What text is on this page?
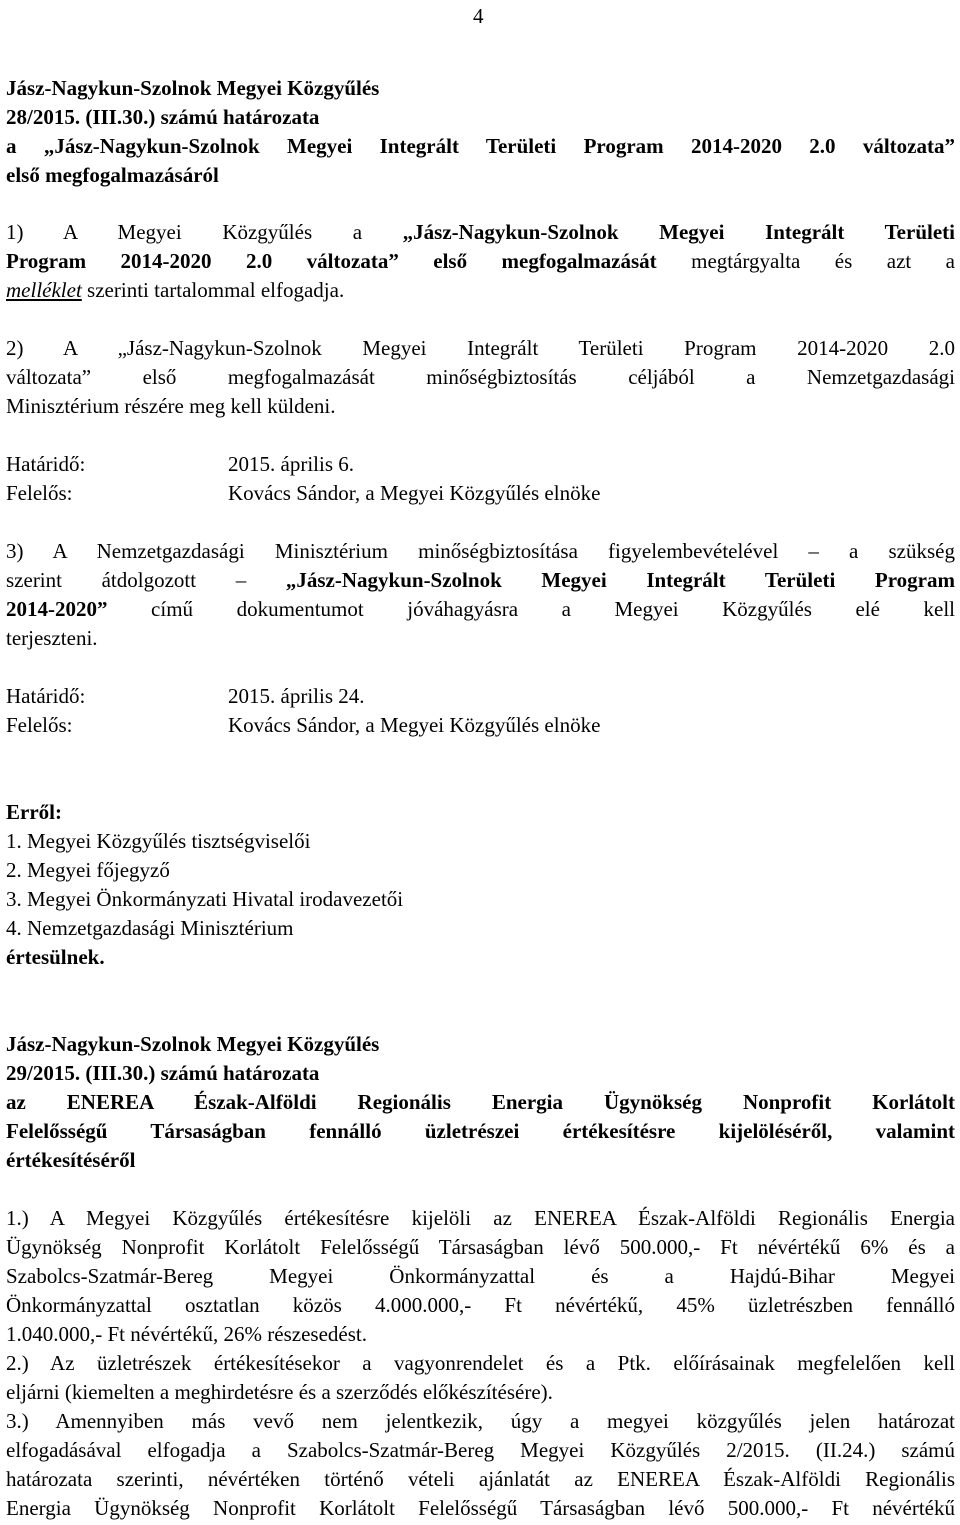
4
Jász-Nagykun-Szolnok Megyei Közgyűlés
28/2015. (III.30.) számú határozata
a „Jász-Nagykun-Szolnok Megyei Integrált Területi Program 2014-2020 2.0 változata”
első megfogalmazásáról
1) A Megyei Közgyűlés a „Jász-Nagykun-Szolnok Megyei Integrált Területi
Program 2014-2020 2.0 változata” első megfogalmazását megtárgyalta és azt a
melléklet szerinti tartalommal elfogadja.
2) A „Jász-Nagykun-Szolnok Megyei Integrált Területi Program 2014-2020 2.0
változata” első megfogalmazását minőségbiztosítás céljából a Nemzetgazdasági
Minisztérium részére meg kell küldeni.
Határidő:	2015. április 6.
Felelős:	Kovács Sándor, a Megyei Közgyűlés elnöke
3) A Nemzetgazdasági Minisztérium minőségbiztosítása figyelembevételével – a szükség
szerint átdolgozott – „Jász-Nagykun-Szolnok Megyei Integrált Területi Program
2014-2020” című dokumentumot jóváhagyásra a Megyei Közgyűlés elé kell
terjeszteni.
Határidő:	2015. április 24.
Felelős:	Kovács Sándor, a Megyei Közgyűlés elnöke
Erről:
1. Megyei Közgyűlés tisztségviselői
2. Megyei főjegyző
3. Megyei Önkormányzati Hivatal irodavezetői
4. Nemzetgazdasági Minisztérium
értesülnek.
Jász-Nagykun-Szolnok Megyei Közgyűlés
29/2015. (III.30.) számú határozata
az ENEREA Észak-Alföldi Regionális Energia Ügynökség Nonprofit Korlátolt
Felelősségű Társaságban fennálló üzletrészei értékesítésre kijelöléséről, valamint
értékesítéséről
1.) A Megyei Közgyűlés értékesítésre kijelöli az ENEREA Észak-Alföldi Regionális Energia
Ügynökség Nonprofit Korlátolt Felelősségű Társaságban lévő 500.000,- Ft névértékű 6% és a
Szabolcs-Szatmár-Bereg Megyei Önkormányzattal és a Hajdú-Bihar Megyei
Önkormányzattal osztatlan közös 4.000.000,- Ft névértékű, 45% üzletrészben fennálló
1.040.000,- Ft névértékű, 26% részesedést.
2.) Az üzletrészek értékesítésekor a vagyonrendelet és a Ptk. előírásainak megfelelően kell
eljárni (kiemelten a meghirdetésre és a szerződés előkészítésére).
3.) Amennyiben más vevő nem jelentkezik, úgy a megyei közgyűlés jelen határozat
elfogadásával elfogadja a Szabolcs-Szatmár-Bereg Megyei Közgyűlés 2/2015. (II.24.) számú
határozata szerinti, névértéken történő vételi ajánlatát az ENEREA Észak-Alföldi Regionális
Energia Ügynökség Nonprofit Korlátolt Felelősségű Társaságban lévő 500.000,- Ft névértékű
